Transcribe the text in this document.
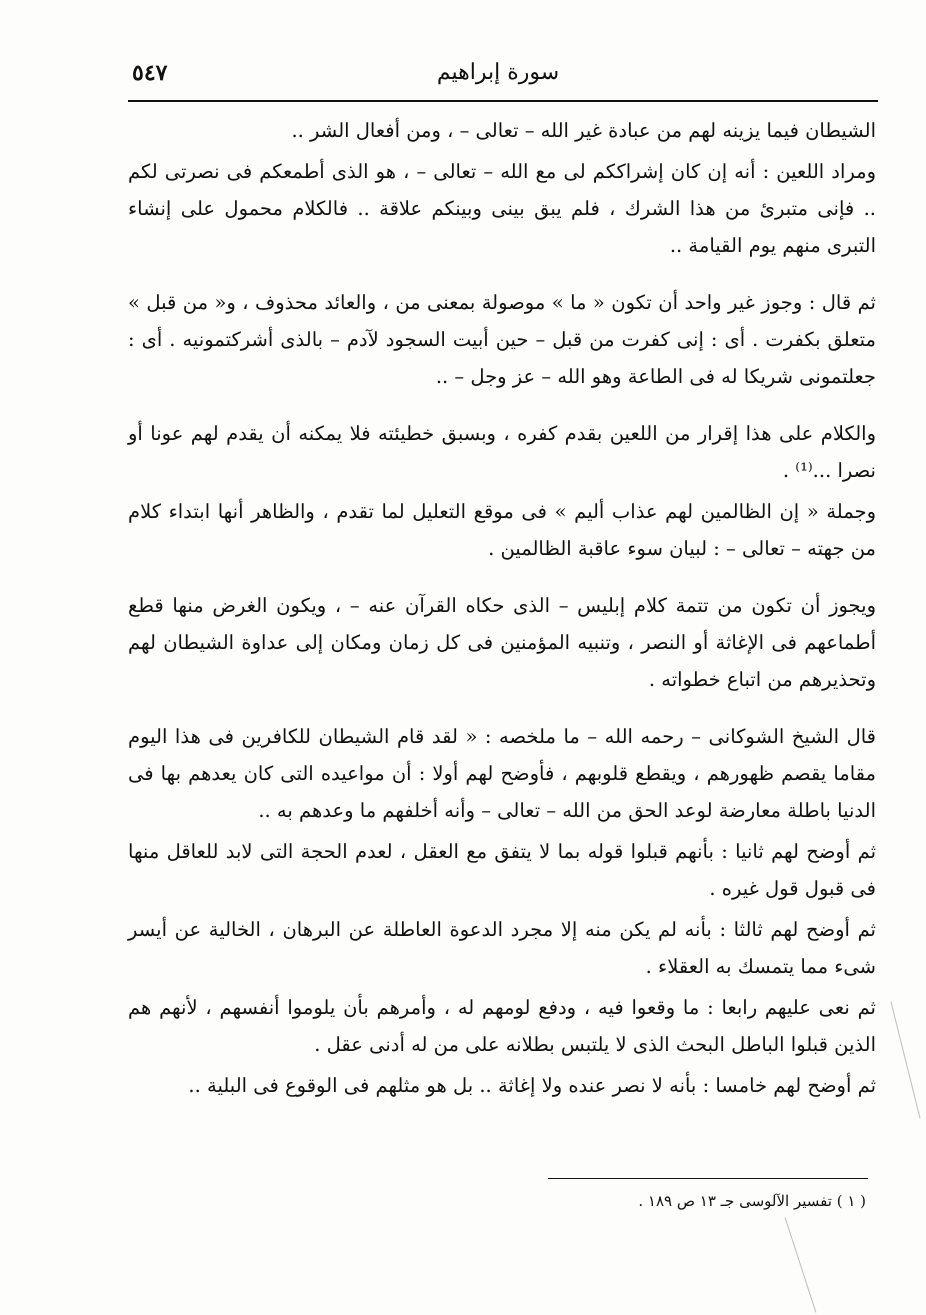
٥٤٧	سورة إبراهيم

الشيطان فيما يزينه لهم من عبادة غير الله – تعالى – ، ومن أفعال الشر ..

ومراد اللعين : أنه إن كان إشراككم لى مع الله – تعالى – ، هو الذى أطمعكم فى نصرتى لكم .. فإنى متبرئ من هذا الشرك ، فلم يبق بينى وبينكم علاقة .. فالكلام محمول على إنشاء التبرى منهم يوم القيامة ..

ثم قال : وجوز غير واحد أن تكون « ما » موصولة بمعنى من ، والعائد محذوف ، و« من قبل » متعلق بكفرت . أى : إنى كفرت من قبل – حين أبيت السجود لآدم – بالذى أشركتمونيه . أى : جعلتمونى شريكا له فى الطاعة وهو الله – عز وجل – ..

والكلام على هذا إقرار من اللعين بقدم كفره ، وبسبق خطيئته فلا يمكنه أن يقدم لهم عونا أو نصرا ...⁽¹⁾ .

وجملة « إن الظالمين لهم عذاب أليم » فى موقع التعليل لما تقدم ، والظاهر أنها ابتداء كلام من جهته – تعالى – : لبيان سوء عاقبة الظالمين .

ويجوز أن تكون من تتمة كلام إبليس – الذى حكاه القرآن عنه – ، ويكون الغرض منها قطع أطماعهم فى الإغاثة أو النصر ، وتنبيه المؤمنين فى كل زمان ومكان إلى عداوة الشيطان لهم وتحذيرهم من اتباع خطواته .

قال الشيخ الشوكانى – رحمه الله – ما ملخصه : « لقد قام الشيطان للكافرين فى هذا اليوم مقاما يقصم ظهورهم ، ويقطع قلوبهم ، فأوضح لهم أولا : أن مواعيده التى كان يعدهم بها فى الدنيا باطلة معارضة لوعد الحق من الله – تعالى – وأنه أخلفهم ما وعدهم به ..

ثم أوضح لهم ثانيا : بأنهم قبلوا قوله بما لا يتفق مع العقل ، لعدم الحجة التى لابد للعاقل منها فى قبول قول غيره .

ثم أوضح لهم ثالثا : بأنه لم يكن منه إلا مجرد الدعوة العاطلة عن البرهان ، الخالية عن أيسر شىء مما يتمسك به العقلاء .

ثم نعى عليهم رابعا : ما وقعوا فيه ، ودفع لومهم له ، وأمرهم بأن يلوموا أنفسهم ، لأنهم هم الذين قبلوا الباطل البحث الذى لا يلتبس بطلانه على من له أدنى عقل .

ثم أوضح لهم خامسا : بأنه لا نصر عنده ولا إغاثة .. بل هو مثلهم فى الوقوع فى البلية ..

( ١ ) تفسير الآلوسى جـ ١٣ ص ١٨٩ .
